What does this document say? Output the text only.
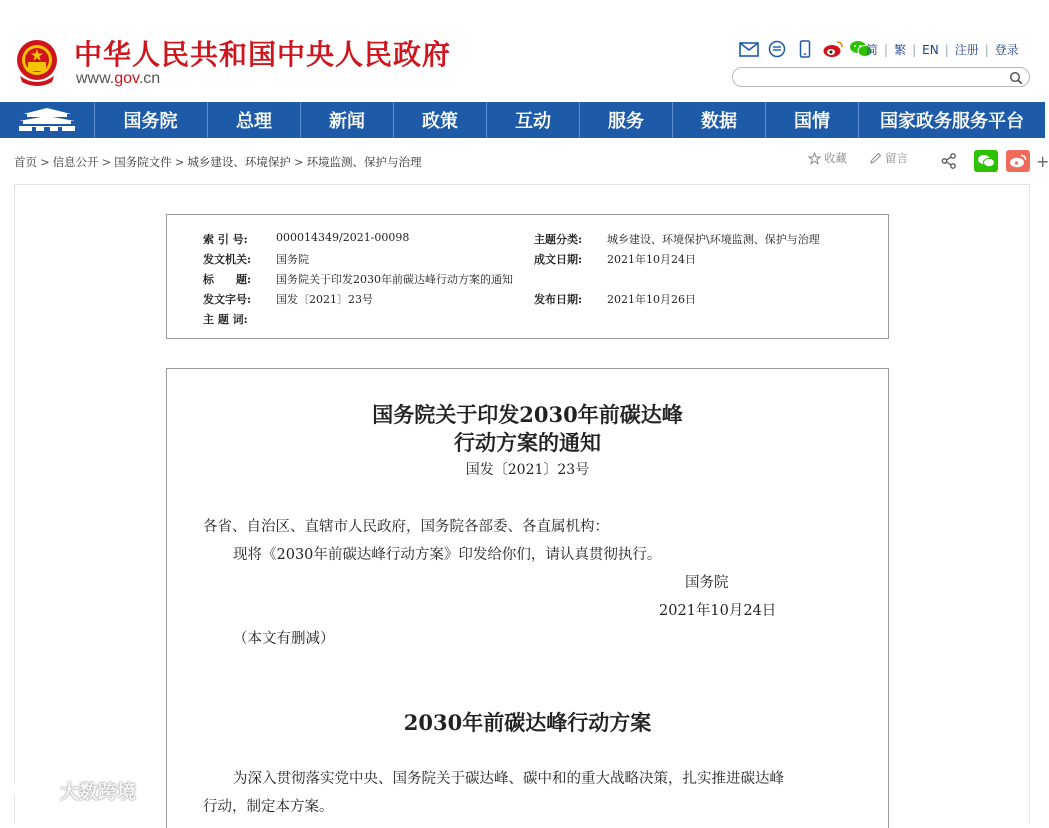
中华人民共和国中央人民政府
www.gov.cn
简 | 繁 | EN | 注册 | 登录
国务院	总理	新闻	政策	互动	服务	数据	国情	国家政务服务平台
首页 > 信息公开 > 国务院文件 > 城乡建设、环境保护 > 环境监测、保护与治理	收藏	留言	+
索 引 号:	000014349/2021-00098	主题分类: 城乡建设、环境保护\环境监测、保护与治理
发文机关: 国务院	成文日期: 2021年10月24日
标　　题: 国务院关于印发2030年前碳达峰行动方案的通知
发文字号: 国发〔2021〕23号	发布日期: 2021年10月26日
主 题 词:
国务院关于印发2030年前碳达峰
行动方案的通知
国发〔2021〕23号
各省、自治区、直辖市人民政府，国务院各部委、各直属机构：
现将《2030年前碳达峰行动方案》印发给你们，请认真贯彻执行。
国务院
2021年10月24日
（本文有删减）
2030年前碳达峰行动方案
为深入贯彻落实党中央、国务院关于碳达峰、碳中和的重大战略决策，扎实推进碳达峰
行动，制定本方案。
大数跨境
